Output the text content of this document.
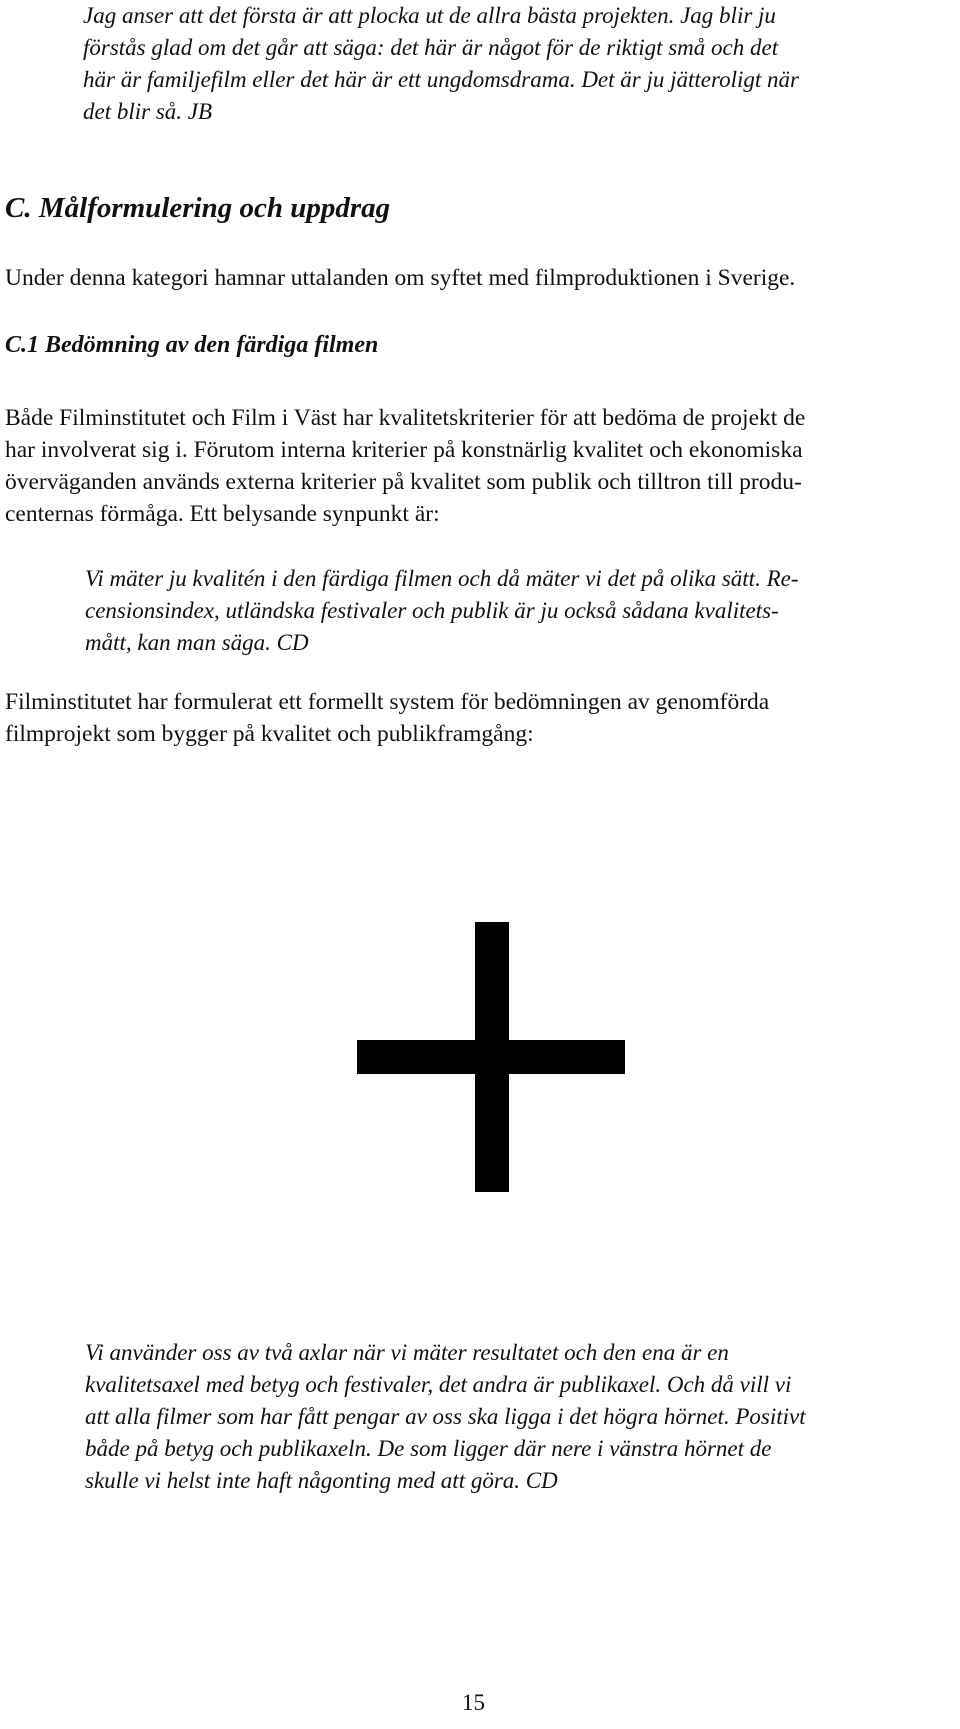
Jag anser att det första är att plocka ut de allra bästa projekten. Jag blir ju
förstås glad om det går att säga: det här är något för de riktigt små och det
här är familjefilm eller det här är ett ungdomsdrama. Det är ju jätteroligt när
det blir så. JB
C. Målformulering och uppdrag

Under denna kategori hamnar uttalanden om syftet med filmproduktionen i Sverige.

C.1 Bedömning av den färdiga filmen
Både Filminstitutet och Film i Väst har kvalitetskriterier för att bedöma de projekt de
har involverat sig i. Förutom interna kriterier på konstnärlig kvalitet och ekonomiska
överväganden används externa kriterier på kvalitet som publik och tilltron till produ-
centernas förmåga. Ett belysande synpunkt är:
Vi mäter ju kvalitén i den färdiga filmen och då mäter vi det på olika sätt. Re-
censionsindex, utländska festivaler och publik är ju också sådana kvalitets-
mått, kan man säga. CD
Filminstitutet har formulerat ett formellt system för bedömningen av genomförda
filmprojekt som bygger på kvalitet och publikframgång:
Vi använder oss av två axlar när vi mäter resultatet och den ena är en
kvalitetsaxel med betyg och festivaler, det andra är publikaxel. Och då vill vi
att alla filmer som har fått pengar av oss ska ligga i det högra hörnet. Positivt
både på betyg och publikaxeln. De som ligger där nere i vänstra hörnet de
skulle vi helst inte haft någonting med att göra. CD
15
